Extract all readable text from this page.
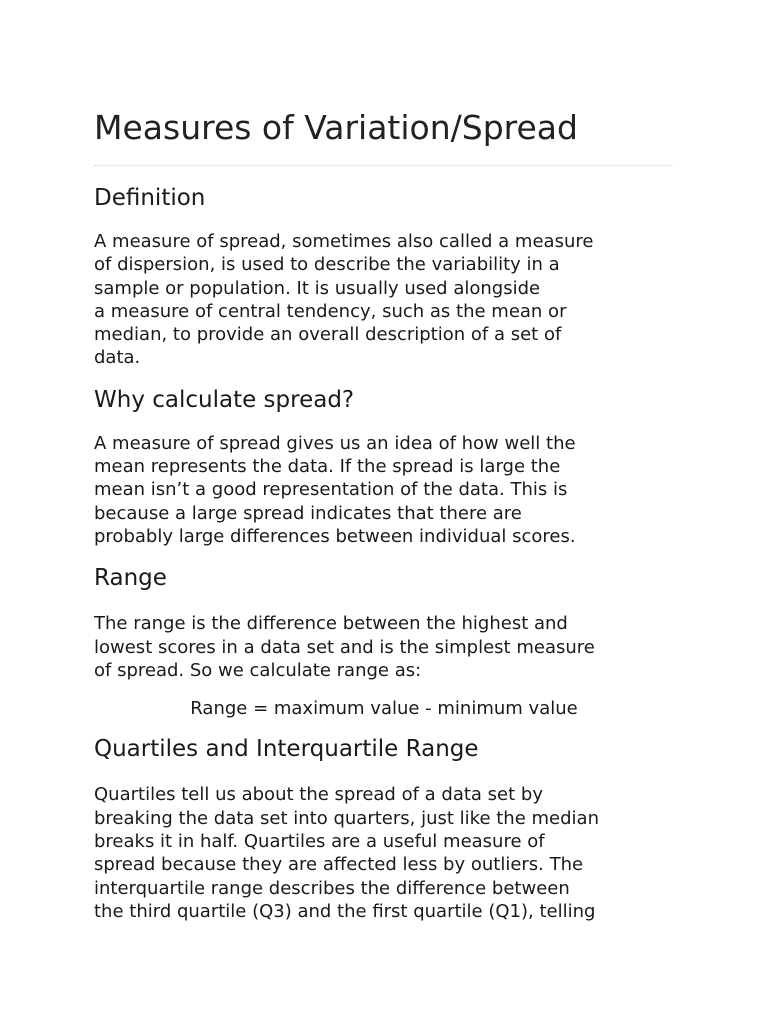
Measures of Variation/Spread
Definition

A measure of spread, sometimes also called a measure
of dispersion, is used to describe the variability in a
sample or population. It is usually used alongside
a measure of central tendency, such as the mean or
median, to provide an overall description of a set of
data.

Why calculate spread?

A measure of spread gives us an idea of how well the
mean represents the data. If the spread is large the
mean isn’t a good representation of the data. This is
because a large spread indicates that there are
probably large differences between individual scores.

Range

The range is the difference between the highest and
lowest scores in a data set and is the simplest measure
of spread. So we calculate range as:

Range = maximum value - minimum value

Quartiles and Interquartile Range

Quartiles tell us about the spread of a data set by
breaking the data set into quarters, just like the median
breaks it in half. Quartiles are a useful measure of
spread because they are affected less by outliers. The
interquartile range describes the difference between
the third quartile (Q3) and the first quartile (Q1), telling
